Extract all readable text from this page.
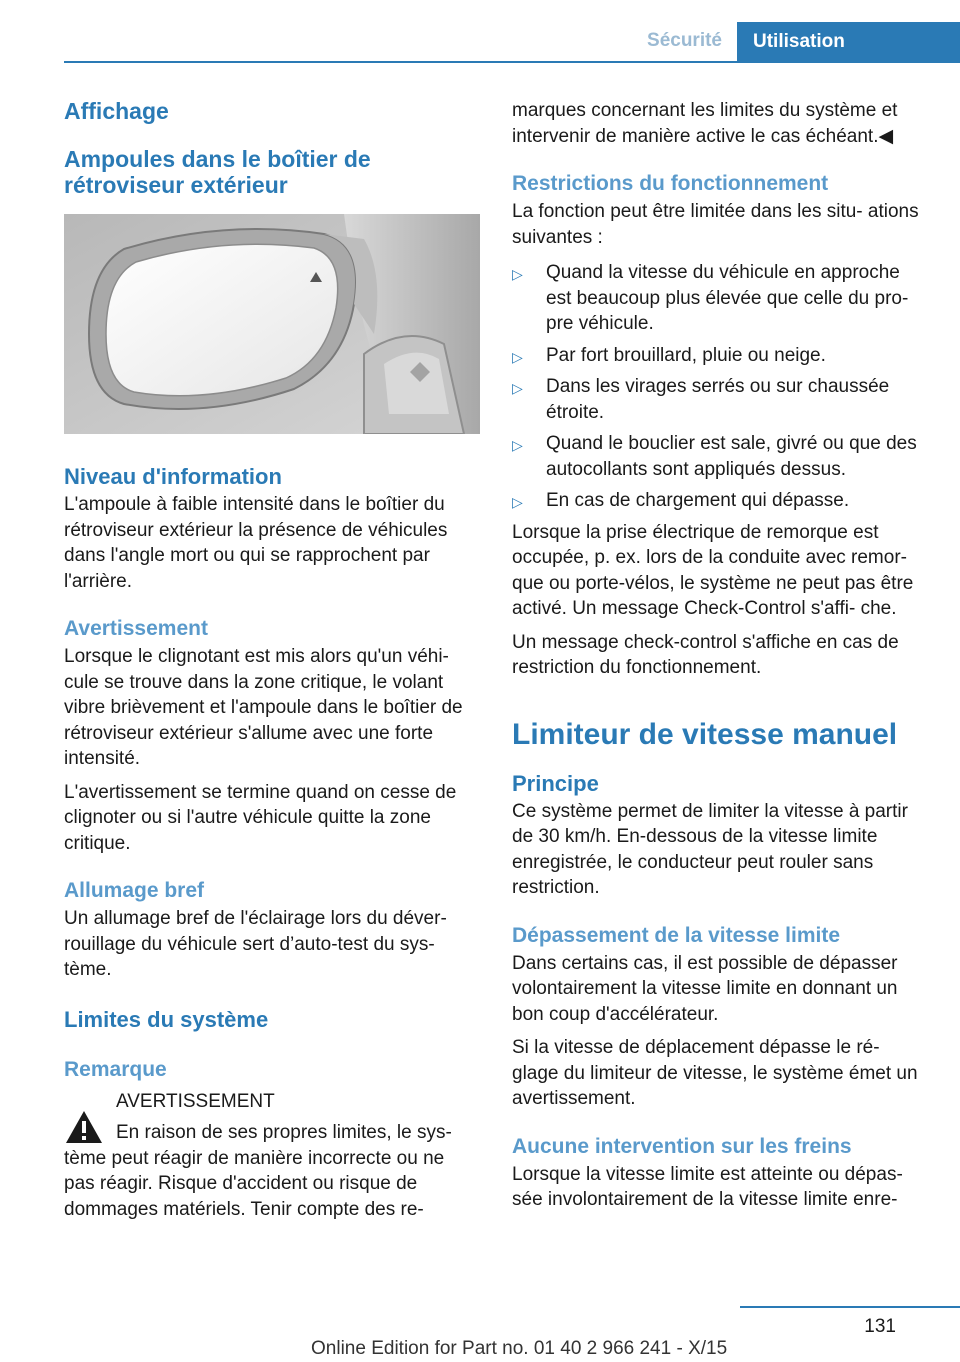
Sécurité	Utilisation
Affichage
Ampoules dans le boîtier de rétroviseur extérieur
Niveau d'information

L'ampoule à faible intensité dans le boîtier du rétroviseur extérieur la présence de véhicules dans l'angle mort ou qui se rapprochent par l'arrière.

Avertissement

Lorsque le clignotant est mis alors qu'un véhi‐ cule se trouve dans la zone critique, le volant vibre brièvement et l'ampoule dans le boîtier de rétroviseur extérieur s'allume avec une forte intensité.

L'avertissement se termine quand on cesse de clignoter ou si l'autre véhicule quitte la zone critique.

Allumage bref

Un allumage bref de l'éclairage lors du déver‐ rouillage du véhicule sert d’auto-test du sys‐ tème.

Limites du système
Remarque

AVERTISSEMENT

En raison de ses propres limites, le sys‐

tème peut réagir de manière incorrecte ou ne pas réagir. Risque d'accident ou risque de dommages matériels. Tenir compte des re‐

marques concernant les limites du système et intervenir de manière active le cas échéant.◀

Restrictions du fonctionnement

La fonction peut être limitée dans les situ‐ ations suivantes :

▷	Quand la vitesse du véhicule en approche est beaucoup plus élevée que celle du pro‐ pre véhicule.
▷	Par fort brouillard, pluie ou neige.
▷	Dans les virages serrés ou sur chaussée étroite.
▷	Quand le bouclier est sale, givré ou que des autocollants sont appliqués dessus.
▷	En cas de chargement qui dépasse.

Lorsque la prise électrique de remorque est occupée, p. ex. lors de la conduite avec remor‐ que ou porte-vélos, le système ne peut pas être activé. Un message Check-Control s'affi‐ che.

Un message check-control s'affiche en cas de restriction du fonctionnement.

Limiteur de vitesse manuel
Principe

Ce système permet de limiter la vitesse à partir de 30 km/h. En-dessous de la vitesse limite enregistrée, le conducteur peut rouler sans restriction.

Dépassement de la vitesse limite

Dans certains cas, il est possible de dépasser volontairement la vitesse limite en donnant un bon coup d'accélérateur.

Si la vitesse de déplacement dépasse le ré‐ glage du limiteur de vitesse, le système émet un avertissement.

Aucune intervention sur les freins

Lorsque la vitesse limite est atteinte ou dépas‐ sée involontairement de la vitesse limite enre‐

131
Online Edition for Part no. 01 40 2 966 241 - X/15
